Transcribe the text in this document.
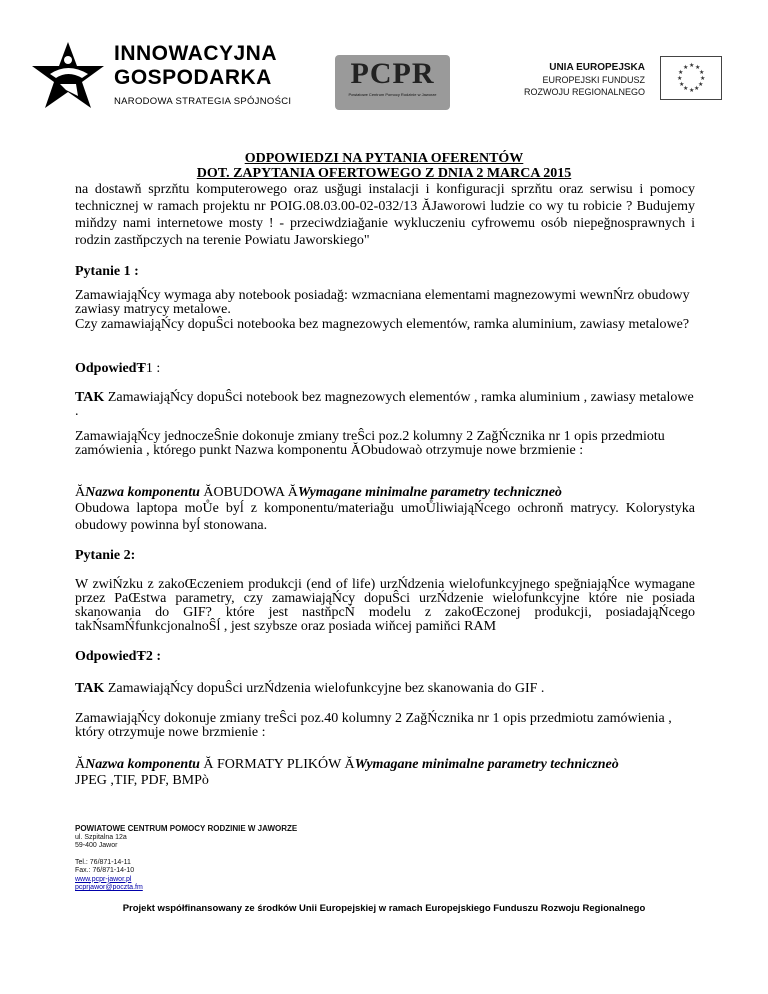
INNOWACYJNA
GOSPODARKA
NARODOWA STRATEGIA SPÓJNOŚCI
PCPR
Powiatowe Centrum Pomocy Rodzinie w Jaworze
UNIA EUROPEJSKA
EUROPEJSKI FUNDUSZ
ROZWOJU REGIONALNEGO
★ ★
★
★
★
★
★
★
★
★
★
★
ODPOWIEDZI NA PYTANIA OFERENTÓW
DOT. ZAPYTANIA OFERTOWEGO Z DNIA 2 MARCA 2015
na dostawň sprzňtu komputerowego oraz usğugi instalacji i konfiguracji sprzňtu oraz serwisu i pomocy technicznej w ramach projektu nr POIG.08.03.00-02-032/13 ĂJaworowi ludzie co wy tu robicie ? Budujemy miňdzy nami internetowe mosty ! - przeciwdziağanie wykluczeniu cyfrowemu osób niepeğnosprawnych i rodzin zastňpczych na terenie Powiatu Jaworskiego"
Pytanie 1 :
ZamawiająŃcy wymaga aby notebook posiadağ: wzmacniana elementami magnezowymi wewnŃrz obudowy zawiasy matrycy metalowe.
Czy zamawiająŃcy dopuŜci notebooka bez magnezowych elementów, ramka aluminium, zawiasy metalowe?
OdpowiedŦ1 :
TAK ZamawiająŃcy dopuŜci notebook bez magnezowych elementów , ramka aluminium , zawiasy metalowe .
ZamawiająŃcy jednoczeŜnie dokonuje zmiany treŜci poz.2 kolumny 2 ZağŃcznika nr 1 opis przedmiotu zamówienia , którego punkt Nazwa komponentu ĂObudowaò otrzymuje nowe brzmienie :
ĂNazwa komponentu ĂOBUDOWA ĂWymagane minimalne parametry techniczneò
Obudowa laptopa moŮe byĺ z komponentu/materiağu umoŮliwiająŃcego ochronň matrycy. Kolorystyka obudowy powinna byĺ stonowana.
Pytanie 2:
W zwiŃzku z zakoŒczeniem produkcji (end of life) urzŃdzenia wielofunkcyjnego speğniająŃce wymagane przez PaŒstwa parametry, czy zamawiająŃcy dopuŜci urzŃdzenie wielofunkcyjne które nie posiada skanowania do GIF? które jest nastňpcŃ modelu z zakoŒczonej produkcji, posiadająŃcego takŃsamŃfunkcjonalnoŜĺ , jest szybsze oraz posiada wiňcej pamiňci RAM
OdpowiedŦ2 :
TAK ZamawiająŃcy dopuŜci urzŃdzenia wielofunkcyjne bez skanowania do GIF .
ZamawiająŃcy dokonuje zmiany treŜci poz.40 kolumny 2 ZağŃcznika nr 1 opis przedmiotu zamówienia , który otrzymuje nowe brzmienie :
ĂNazwa komponentu Ă FORMATY PLIKÓW ĂWymagane minimalne parametry techniczneò
JPEG ,TIF, PDF, BMPò
POWIATOWE CENTRUM POMOCY RODZINIE W JAWORZE
ul. Szpitalna 12a
59-400 Jawor
Tel.: 76/871-14-11
Fax.: 76/871-14-10
www.pcpr-jawor.pl
pcprjawor@poczta.fm
Projekt współfinansowany ze środków Unii Europejskiej w ramach Europejskiego Funduszu Rozwoju Regionalnego
